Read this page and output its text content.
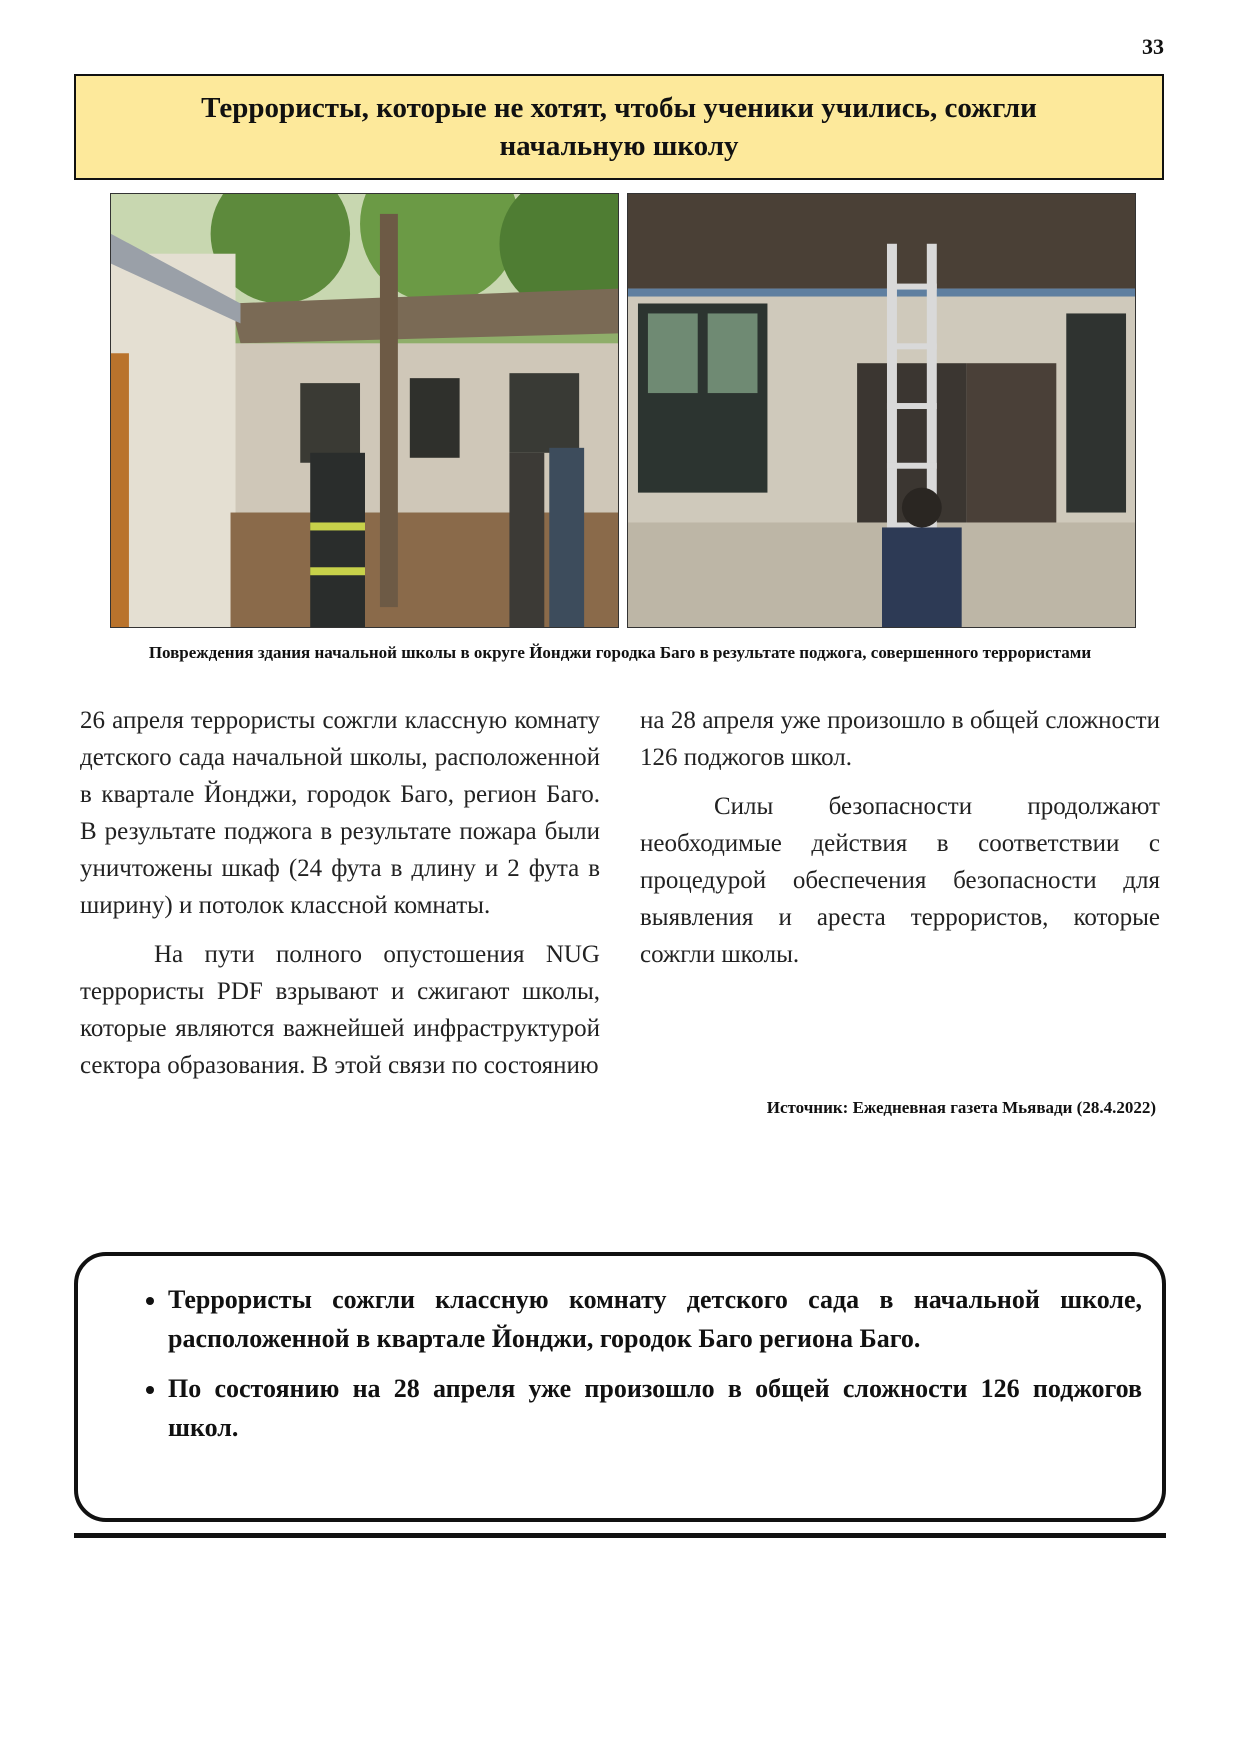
33
Террористы, которые не хотят, чтобы ученики учились, сожгли начальную школу
Повреждения здания начальной школы в округе Йонджи городка Баго в результате поджога, совершенного террористами

26 апреля террористы сожгли классную комнату детского сада начальной школы, расположенной в квартале Йонджи, городок Баго, регион Баго. В результате поджога в результате пожара были уничтожены шкаф (24 фута в длину и 2 фута в ширину) и потолок классной комнаты.

На пути полного опустошения NUG террористы PDF взрывают и сжигают школы, которые являются важнейшей инфраструктурой сектора образования. В этой связи по состоянию

на 28 апреля уже произошло в общей сложности 126 поджогов школ.

Силы безопасности продолжают необходимые действия в соответствии с процедурой обеспечения безопасности для выявления и ареста террористов, которые сожгли школы.

Источник: Ежедневная газета Мьявади (28.4.2022)
• Террористы сожгли классную комнату детского сада в начальной школе, расположенной в квартале Йонджи, городок Баго региона Баго.
• По состоянию на 28 апреля уже произошло в общей сложности 126 поджогов школ.
